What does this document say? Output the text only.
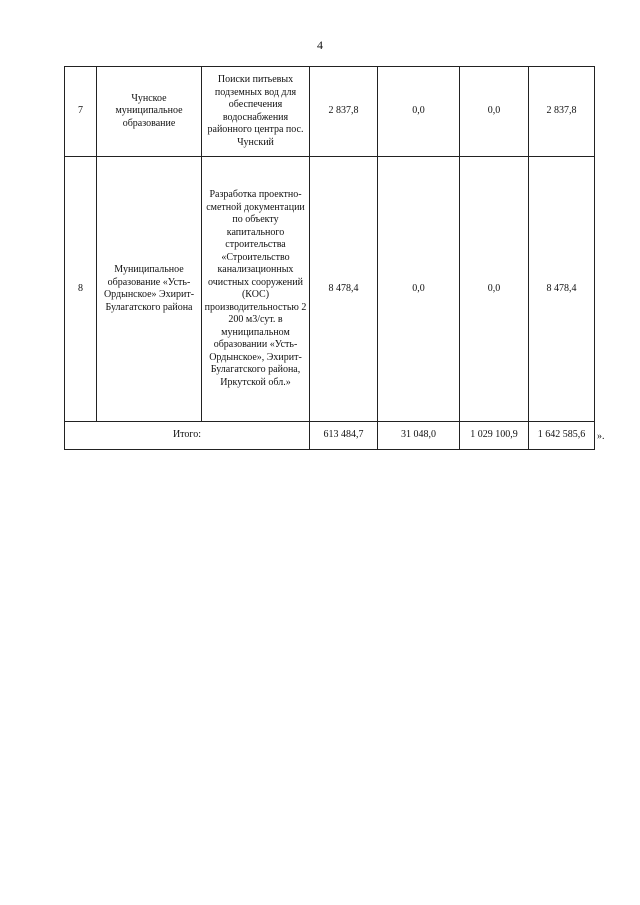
4
7	Чунское муниципальное образование	Поиски питьевых подземных вод для обеспечения водоснабжения районного центра пос. Чунский	2 837,8	0,0	0,0	2 837,8
8	Муниципальное образование «Усть-Ордынское» Эхирит-Булагатского района	Разработка проектно-сметной документации по объекту капитального строительства «Строительство канализационных очистных сооружений (КОС) производительностью 2 200 м3/сут. в муниципальном образовании «Усть-Ордынское», Эхирит-Булагатского района, Иркутской обл.»	8 478,4	0,0	0,0	8 478,4
Итого:			613 484,7	31 048,0	1 029 100,9	1 642 585,6 ».
